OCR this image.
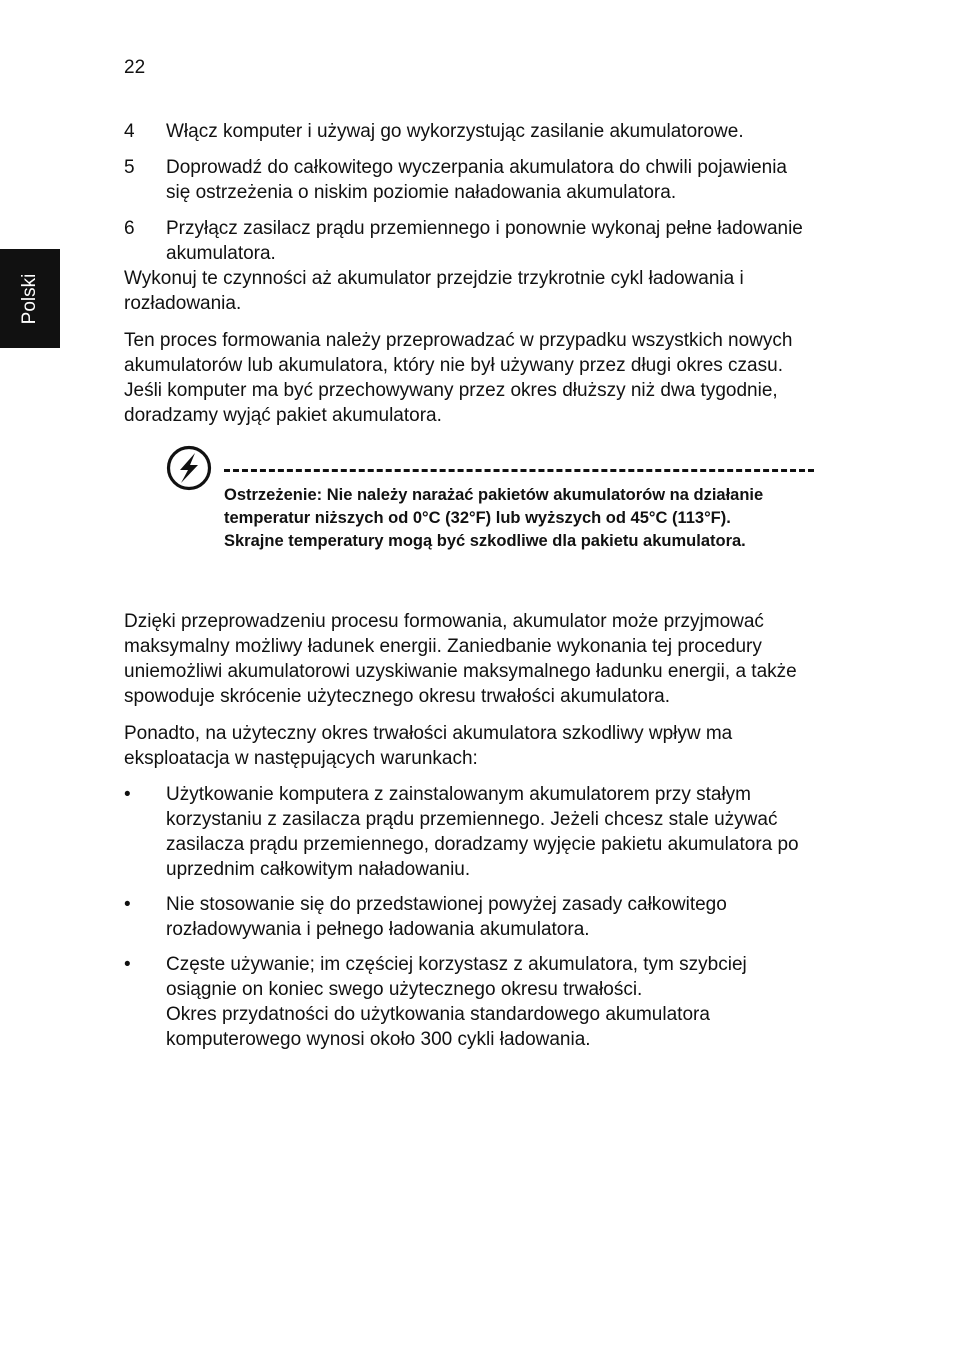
22
Polski
4	Włącz komputer i używaj go wykorzystując zasilanie akumulatorowe.
5	Doprowadź do całkowitego wyczerpania akumulatora do chwili pojawienia się ostrzeżenia o niskim poziomie naładowania akumulatora.
6	Przyłącz zasilacz prądu przemiennego i ponownie wykonaj pełne ładowanie akumulatora.

Wykonuj te czynności aż akumulator przejdzie trzykrotnie cykl ładowania i rozładowania.

Ten proces formowania należy przeprowadzać w przypadku wszystkich nowych akumulatorów lub akumulatora, który nie był używany przez długi okres czasu. Jeśli komputer ma być przechowywany przez okres dłuższy niż dwa tygodnie, doradzamy wyjąć pakiet akumulatora.

Ostrzeżenie: Nie należy narażać pakietów akumulatorów na działanie temperatur niższych od 0°C (32°F) lub wyższych od 45°C (113°F). Skrajne temperatury mogą być szkodliwe dla pakietu akumulatora.

Dzięki przeprowadzeniu procesu formowania, akumulator może przyjmować maksymalny możliwy ładunek energii. Zaniedbanie wykonania tej procedury uniemożliwi akumulatorowi uzyskiwanie maksymalnego ładunku energii, a także spowoduje skrócenie użytecznego okresu trwałości akumulatora.

Ponadto, na użyteczny okres trwałości akumulatora szkodliwy wpływ ma eksploatacja w następujących warunkach:

•	Użytkowanie komputera z zainstalowanym akumulatorem przy stałym korzystaniu z zasilacza prądu przemiennego. Jeżeli chcesz stale używać zasilacza prądu przemiennego, doradzamy wyjęcie pakietu akumulatora po uprzednim całkowitym naładowaniu.
•	Nie stosowanie się do przedstawionej powyżej zasady całkowitego rozładowywania i pełnego ładowania akumulatora.
•	Częste używanie; im częściej korzystasz z akumulatora, tym szybciej osiągnie on koniec swego użytecznego okresu trwałości.
Okres przydatności do użytkowania standardowego akumulatora komputerowego wynosi około 300 cykli ładowania.
